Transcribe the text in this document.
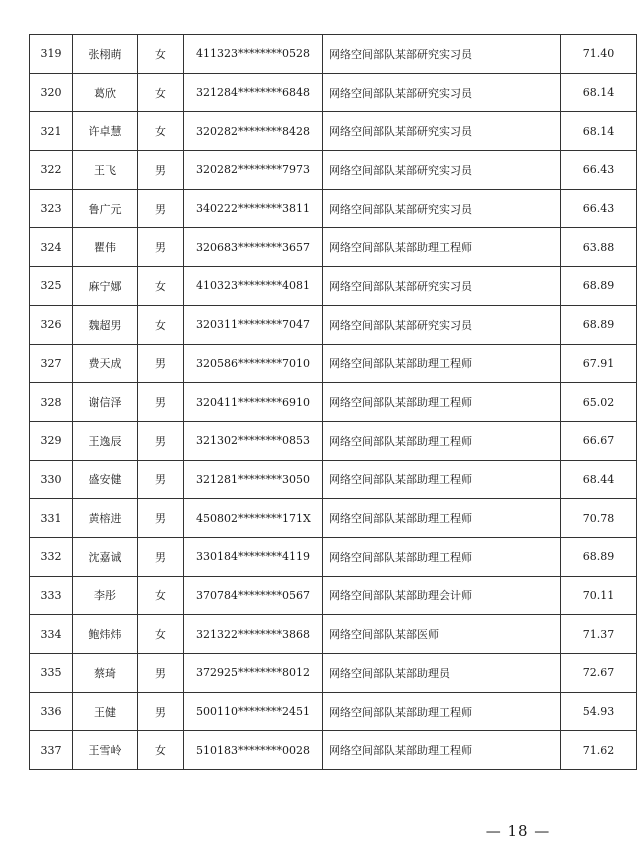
319	张栩萌	女	411323********0528	网络空间部队某部研究实习员	71.40
320	葛欣	女	321284********6848	网络空间部队某部研究实习员	68.14
321	许卓慧	女	320282********8428	网络空间部队某部研究实习员	68.14
322	王飞	男	320282********7973	网络空间部队某部研究实习员	66.43
323	鲁广元	男	340222********3811	网络空间部队某部研究实习员	66.43
324	瞿伟	男	320683********3657	网络空间部队某部助理工程师	63.88
325	麻宁娜	女	410323********4081	网络空间部队某部研究实习员	68.89
326	魏超男	女	320311********7047	网络空间部队某部研究实习员	68.89
327	费天成	男	320586********7010	网络空间部队某部助理工程师	67.91
328	谢信泽	男	320411********6910	网络空间部队某部助理工程师	65.02
329	王逸辰	男	321302********0853	网络空间部队某部助理工程师	66.67
330	盛安健	男	321281********3050	网络空间部队某部助理工程师	68.44
331	黄榕进	男	450802********171X	网络空间部队某部助理工程师	70.78
332	沈嘉诚	男	330184********4119	网络空间部队某部助理工程师	68.89
333	李彤	女	370784********0567	网络空间部队某部助理会计师	70.11
334	鲍炜炜	女	321322********3868	网络空间部队某部医师	71.37
335	蔡琦	男	372925********8012	网络空间部队某部助理员	72.67
336	王健	男	500110********2451	网络空间部队某部助理工程师	54.93
337	王雪岭	女	510183********0028	网络空间部队某部助理工程师	71.62
— 18 —
